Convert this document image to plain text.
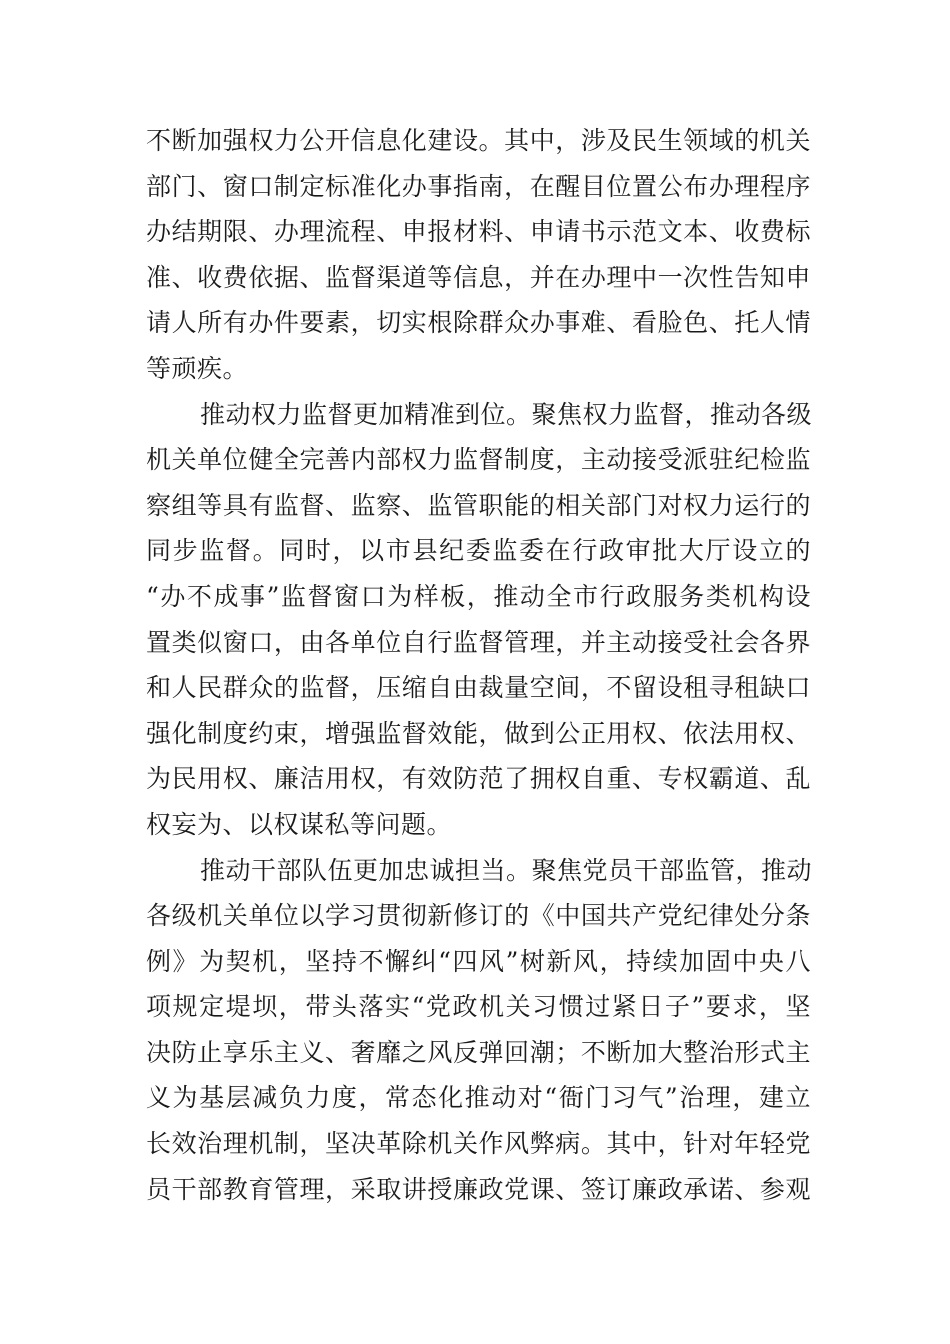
不断加强权力公开信息化建设。其中，涉及民生领域的机关
部门、窗口制定标准化办事指南，在醒目位置公布办理程序
办结期限、办理流程、申报材料、申请书示范文本、收费标
准、收费依据、监督渠道等信息，并在办理中一次性告知申
请人所有办件要素，切实根除群众办事难、看脸色、托人情
等顽疾。
推动权力监督更加精准到位。聚焦权力监督，推动各级
机关单位健全完善内部权力监督制度，主动接受派驻纪检监
察组等具有监督、监察、监管职能的相关部门对权力运行的
同步监督。同时，以市县纪委监委在行政审批大厅设立的
“办不成事”监督窗口为样板，推动全市行政服务类机构设
置类似窗口，由各单位自行监督管理，并主动接受社会各界
和人民群众的监督，压缩自由裁量空间，不留设租寻租缺口
强化制度约束，增强监督效能，做到公正用权、依法用权、
为民用权、廉洁用权，有效防范了拥权自重、专权霸道、乱
权妄为、以权谋私等问题。
推动干部队伍更加忠诚担当。聚焦党员干部监管，推动
各级机关单位以学习贯彻新修订的《中国共产党纪律处分条
例》为契机，坚持不懈纠“四风”树新风，持续加固中央八
项规定堤坝，带头落实“党政机关习惯过紧日子”要求，坚
决防止享乐主义、奢靡之风反弹回潮；不断加大整治形式主
义为基层减负力度，常态化推动对“衙门习气”治理，建立
长效治理机制，坚决革除机关作风弊病。其中，针对年轻党
员干部教育管理，采取讲授廉政党课、签订廉政承诺、参观
